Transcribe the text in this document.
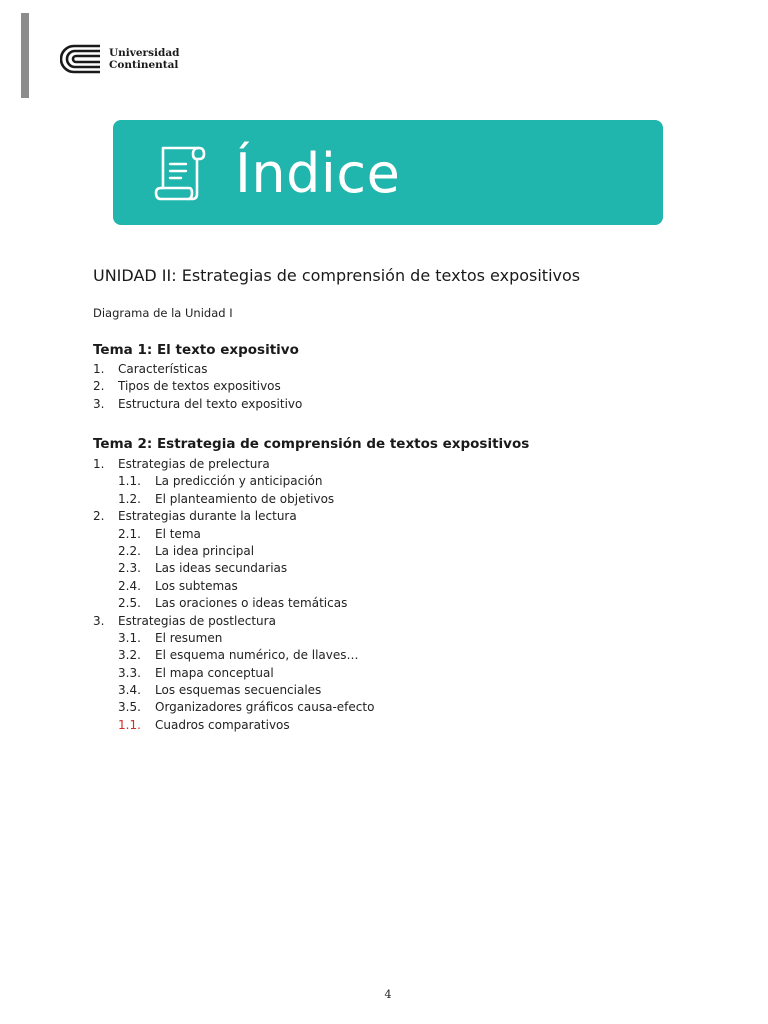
Universidad
Continental
Índice
UNIDAD II: Estrategias de comprensión de textos expositivos
Diagrama de la Unidad I
Tema 1: El texto expositivo
1. Características
2. Tipos de textos expositivos
3. Estructura del texto expositivo
Tema 2: Estrategia de comprensión de textos expositivos
1. Estrategias de prelectura
1.1. La predicción y anticipación
1.2. El planteamiento de objetivos
2. Estrategias durante la lectura
2.1. El tema
2.2. La idea principal
2.3. Las ideas secundarias
2.4. Los subtemas
2.5. Las oraciones o ideas temáticas
3. Estrategias de postlectura
3.1. El resumen
3.2. El esquema numérico, de llaves…
3.3. El mapa conceptual
3.4. Los esquemas secuenciales
3.5. Organizadores gráficos causa-efecto
1.1. Cuadros comparativos
4
